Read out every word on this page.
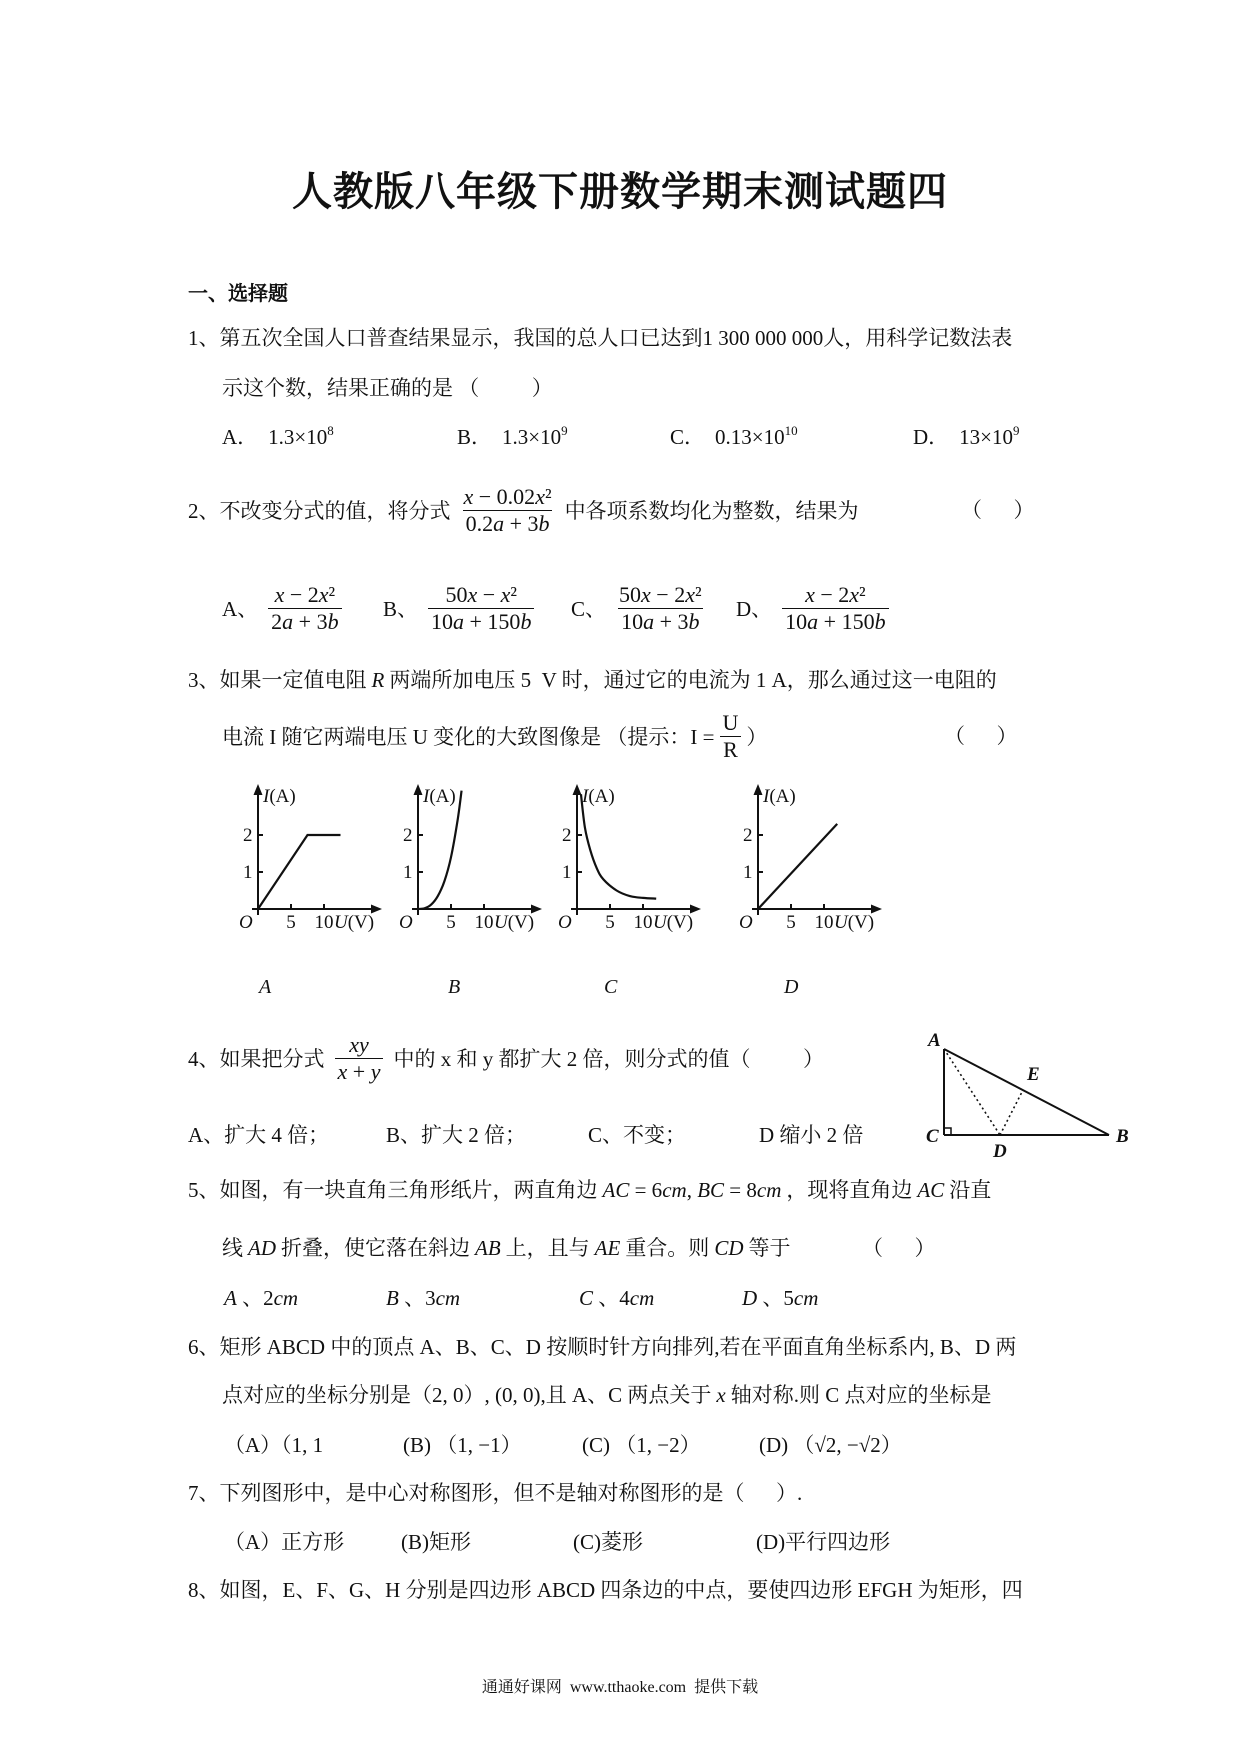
人教版八年级下册数学期末测试题四
一、选择题
1、第五次全国人口普查结果显示，我国的总人口已达到1 300 000 000人，用科学记数法表
示这个数，结果正确的是 （          ）
A． $1.3\times 10^8$	B． $1.3\times 10^9$	C． $0.13\times 10^{10}$	D． $13\times 10^9$
2、不改变分式的值，将分式 $\frac{\text{x − 0.02x²}}{0.2a + 3b}$ 中各项系数均化为整数，结果为	（      ）
A、 $\frac{\text{x − 2x²}}{2a + 3b}$ B、 $\frac{\text{50x − x²}}{10a + 150b}$ C、 $\frac{\text{50x − 2x²}}{10a + 3b}$ D、 $\frac{\text{x − 2x²}}{10a + 150b}$
3、如果一定值电阻 R 两端所加电压 5  V 时，通过它的电流为 1 A，那么通过这一电阻的
电流 I 随它两端电压 U 变化的大致图像是 （提示：$I = \frac{U}{R}$ ）	（      ）
I(A)
U(V)
O 5 10
1
2
I(A)
U(V)
O 5 10
1
2
I(A)
U(V)
O 5 10
1
2
I(A)
U(V)
O 5 10
1
2
A	B	C	D
4、如果把分式 $\frac{xy}{x + y}$ 中的 x 和 y 都扩大 2 倍，则分式的值（          ）
A、扩大 4 倍；	B、扩大 2 倍；	C、不变；	D 缩小 2 倍
A
E
C
D
B
5、如图，有一块直角三角形纸片，两直角边 AC = 6cm, BC = 8cm ，现将直角边 AC 沿直
线 AD 折叠，使它落在斜边 AB 上，且与 AE 重合。则 CD 等于	（      ）
A 、2cm	B 、3cm	C 、4cm	D 、5cm
6、矩形 ABCD 中的顶点 A、B、C、D 按顺时针方向排列,若在平面直角坐标系内, B、D 两
点对应的坐标分别是（2, 0）, (0, 0),且 A、C 两点关于 x 轴对称.则 C 点对应的坐标是
（A）（1, 1	(B) （1, −1）	(C) （1, −2）	(D) （√2, −√2）
7、下列图形中，是中心对称图形，但不是轴对称图形的是（      ）.
（A）正方形	(B)矩形	(C)菱形	(D)平行四边形
8、如图，E、F、G、H 分别是四边形 ABCD 四条边的中点，要使四边形 EFGH 为矩形，四
通通好课网  www.tthaoke.com  提供下载
